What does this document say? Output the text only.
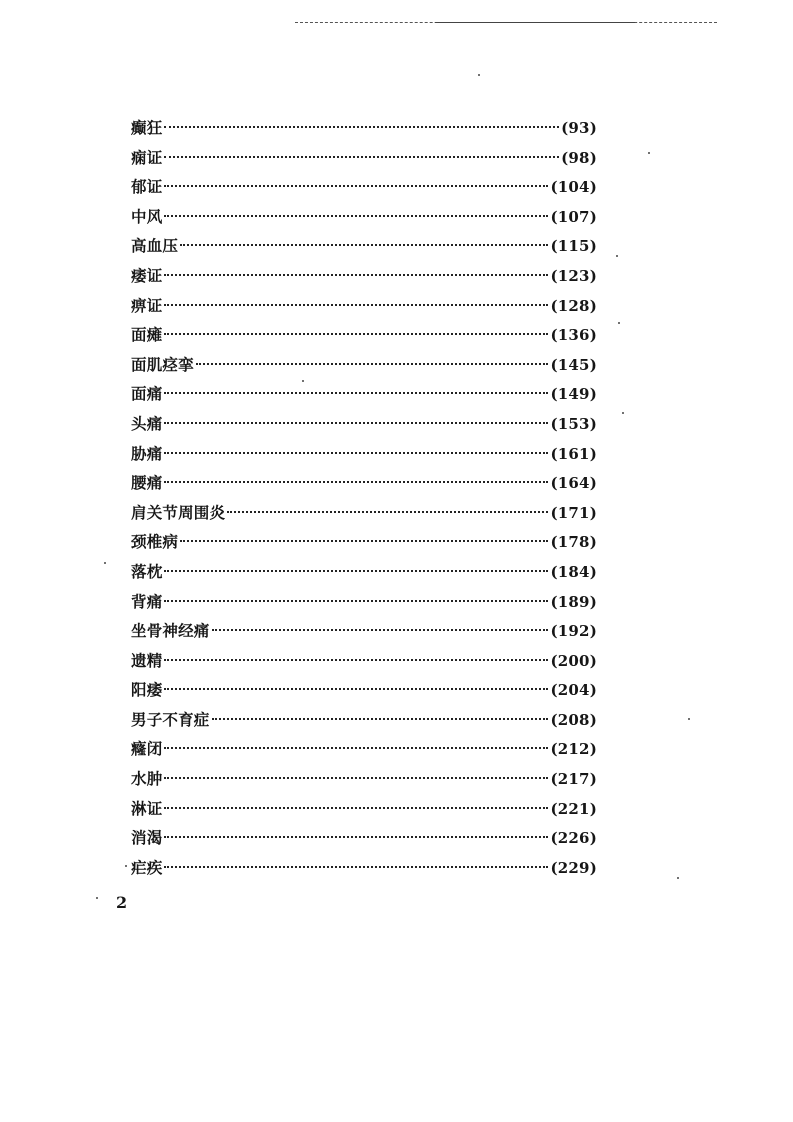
癫狂	(93)
痫证	(98)
郁证	(104)
中风	(107)
高血压	(115)
痿证	(123)
痹证	(128)
面瘫	(136)
面肌痉挛	(145)
面痛	(149)
头痛	(153)
胁痛	(161)
腰痛	(164)
肩关节周围炎	(171)
颈椎病	(178)
落枕	(184)
背痛	(189)
坐骨神经痛	(192)
遗精	(200)
阳痿	(204)
男子不育症	(208)
癃闭	(212)
水肿	(217)
淋证	(221)
消渴	(226)
疟疾	(229)
2
